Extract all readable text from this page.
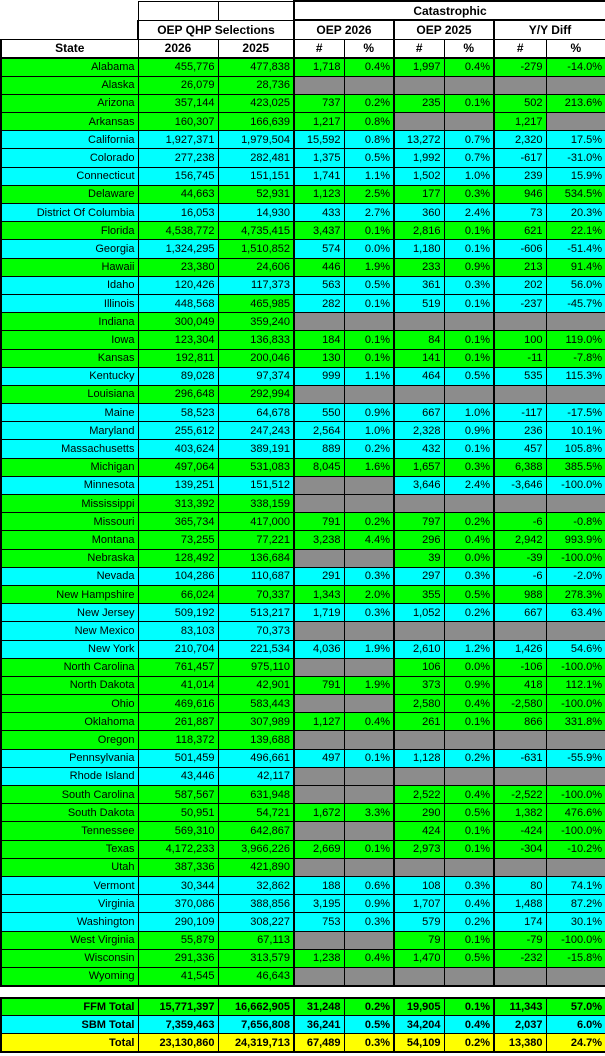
			Catastrophic					
	OEP QHP Selections		OEP 2026		OEP 2025		Y/Y Diff	
State	2026	2025	#	%	#	%	#	%
Alabama	455,776	477,838	1,718	0.4%	1,997	0.4%	-279	-14.0%
Alaska	26,079	28,736						
Arizona	357,144	423,025	737	0.2%	235	0.1%	502	213.6%
Arkansas	160,307	166,639	1,217	0.8%			1,217	
California	1,927,371	1,979,504	15,592	0.8%	13,272	0.7%	2,320	17.5%
Colorado	277,238	282,481	1,375	0.5%	1,992	0.7%	-617	-31.0%
Connecticut	156,745	151,151	1,741	1.1%	1,502	1.0%	239	15.9%
Delaware	44,663	52,931	1,123	2.5%	177	0.3%	946	534.5%
District Of Columbia	16,053	14,930	433	2.7%	360	2.4%	73	20.3%
Florida	4,538,772	4,735,415	3,437	0.1%	2,816	0.1%	621	22.1%
Georgia	1,324,295	1,510,852	574	0.0%	1,180	0.1%	-606	-51.4%
Hawaii	23,380	24,606	446	1.9%	233	0.9%	213	91.4%
Idaho	120,426	117,373	563	0.5%	361	0.3%	202	56.0%
Illinois	448,568	465,985	282	0.1%	519	0.1%	-237	-45.7%
Indiana	300,049	359,240						
Iowa	123,304	136,833	184	0.1%	84	0.1%	100	119.0%
Kansas	192,811	200,046	130	0.1%	141	0.1%	-11	-7.8%
Kentucky	89,028	97,374	999	1.1%	464	0.5%	535	115.3%
Louisiana	296,648	292,994						
Maine	58,523	64,678	550	0.9%	667	1.0%	-117	-17.5%
Maryland	255,612	247,243	2,564	1.0%	2,328	0.9%	236	10.1%
Massachusetts	403,624	389,191	889	0.2%	432	0.1%	457	105.8%
Michigan	497,064	531,083	8,045	1.6%	1,657	0.3%	6,388	385.5%
Minnesota	139,251	151,512			3,646	2.4%	-3,646	-100.0%
Mississippi	313,392	338,159						
Missouri	365,734	417,000	791	0.2%	797	0.2%	-6	-0.8%
Montana	73,255	77,221	3,238	4.4%	296	0.4%	2,942	993.9%
Nebraska	128,492	136,684			39	0.0%	-39	-100.0%
Nevada	104,286	110,687	291	0.3%	297	0.3%	-6	-2.0%
New Hampshire	66,024	70,337	1,343	2.0%	355	0.5%	988	278.3%
New Jersey	509,192	513,217	1,719	0.3%	1,052	0.2%	667	63.4%
New Mexico	83,103	70,373						
New York	210,704	221,534	4,036	1.9%	2,610	1.2%	1,426	54.6%
North Carolina	761,457	975,110			106	0.0%	-106	-100.0%
North Dakota	41,014	42,901	791	1.9%	373	0.9%	418	112.1%
Ohio	469,616	583,443			2,580	0.4%	-2,580	-100.0%
Oklahoma	261,887	307,989	1,127	0.4%	261	0.1%	866	331.8%
Oregon	118,372	139,688						
Pennsylvania	501,459	496,661	497	0.1%	1,128	0.2%	-631	-55.9%
Rhode Island	43,446	42,117						
South Carolina	587,567	631,948			2,522	0.4%	-2,522	-100.0%
South Dakota	50,951	54,721	1,672	3.3%	290	0.5%	1,382	476.6%
Tennessee	569,310	642,867			424	0.1%	-424	-100.0%
Texas	4,172,233	3,966,226	2,669	0.1%	2,973	0.1%	-304	-10.2%
Utah	387,336	421,890						
Vermont	30,344	32,862	188	0.6%	108	0.3%	80	74.1%
Virginia	370,086	388,856	3,195	0.9%	1,707	0.4%	1,488	87.2%
Washington	290,109	308,227	753	0.3%	579	0.2%	174	30.1%
West Virginia	55,879	67,113			79	0.1%	-79	-100.0%
Wisconsin	291,336	313,579	1,238	0.4%	1,470	0.5%	-232	-15.8%
Wyoming	41,545	46,643						

FFM Total	15,771,397	16,662,905	31,248	0.2%	19,905	0.1%	11,343	57.0%
SBM Total	7,359,463	7,656,808	36,241	0.5%	34,204	0.4%	2,037	6.0%
Total	23,130,860	24,319,713	67,489	0.3%	54,109	0.2%	13,380	24.7%
